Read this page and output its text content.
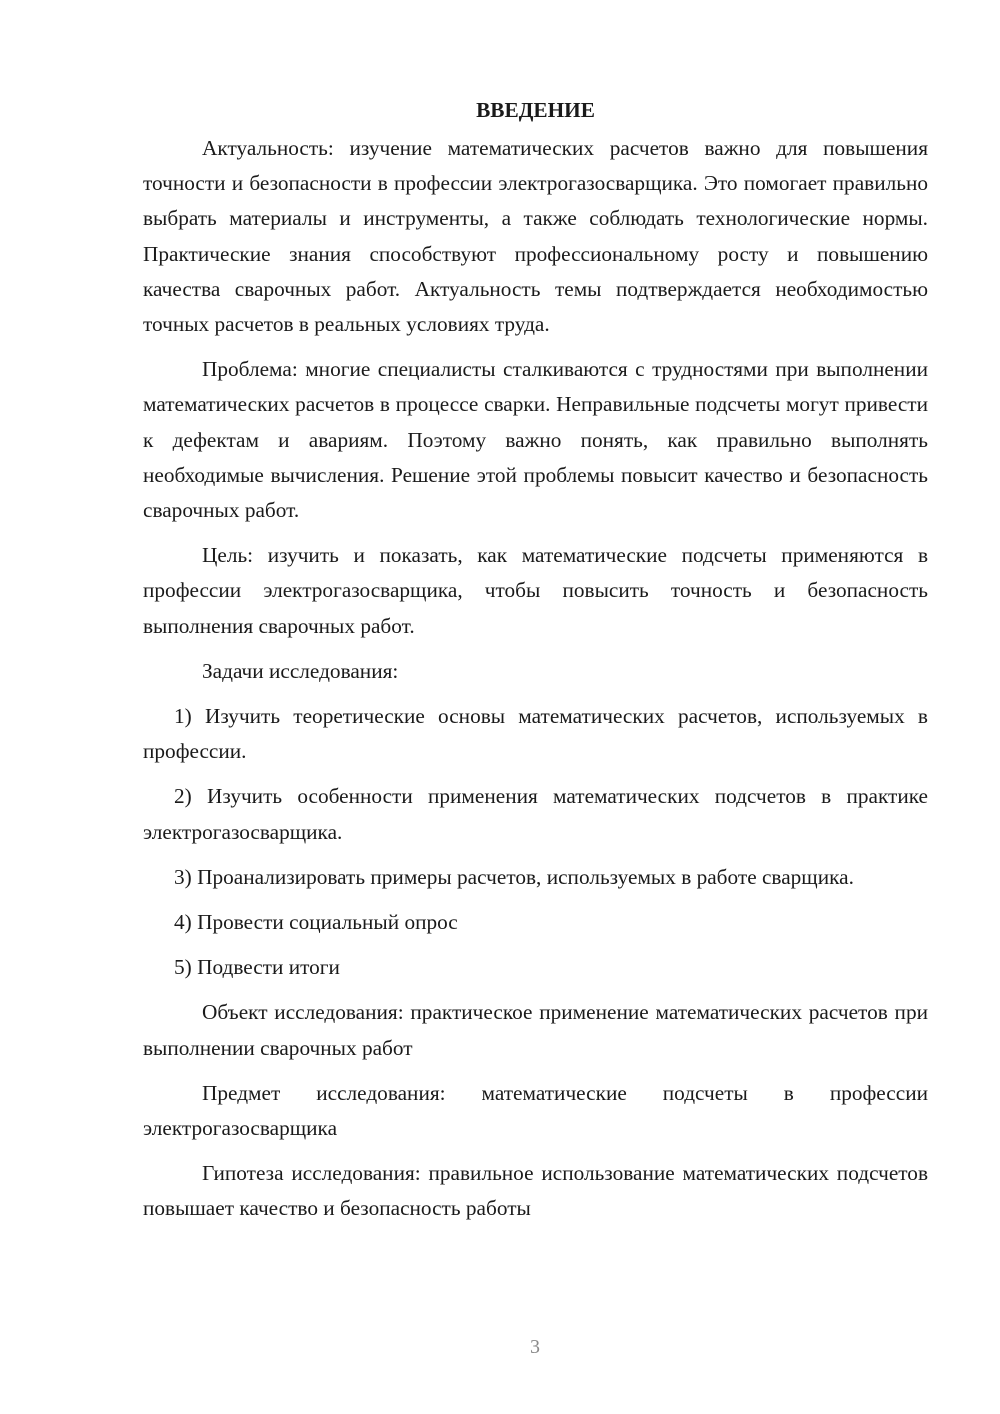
ВВЕДЕНИЕ

Актуальность: изучение математических расчетов важно для повышения точности и безопасности в профессии электрогазосварщика. Это помогает правильно выбрать материалы и инструменты, а также соблюдать технологические нормы. Практические знания способствуют профессиональному росту и повышению качества сварочных работ. Актуальность темы подтверждается необходимостью точных расчетов в реальных условиях труда.

Проблема: многие специалисты сталкиваются с трудностями при выполнении математических расчетов в процессе сварки. Неправильные подсчеты могут привести к дефектам и авариям. Поэтому важно понять, как правильно выполнять необходимые вычисления. Решение этой проблемы повысит качество и безопасность сварочных работ.

Цель: изучить и показать, как математические подсчеты применяются в профессии электрогазосварщика, чтобы повысить точность и безопасность выполнения сварочных работ.

Задачи исследования:

1) Изучить теоретические основы математических расчетов, используемых в профессии.

2) Изучить особенности применения математических подсчетов в практике электрогазосварщика.

3) Проанализировать примеры расчетов, используемых в работе сварщика.

4) Провести социальный опрос

5) Подвести итоги

Объект исследования: практическое применение математических расчетов при выполнении сварочных работ

Предмет исследования: математические подсчеты в профессии электрогазосварщика

Гипотеза исследования: правильное использование математических подсчетов повышает качество и безопасность работы

3
